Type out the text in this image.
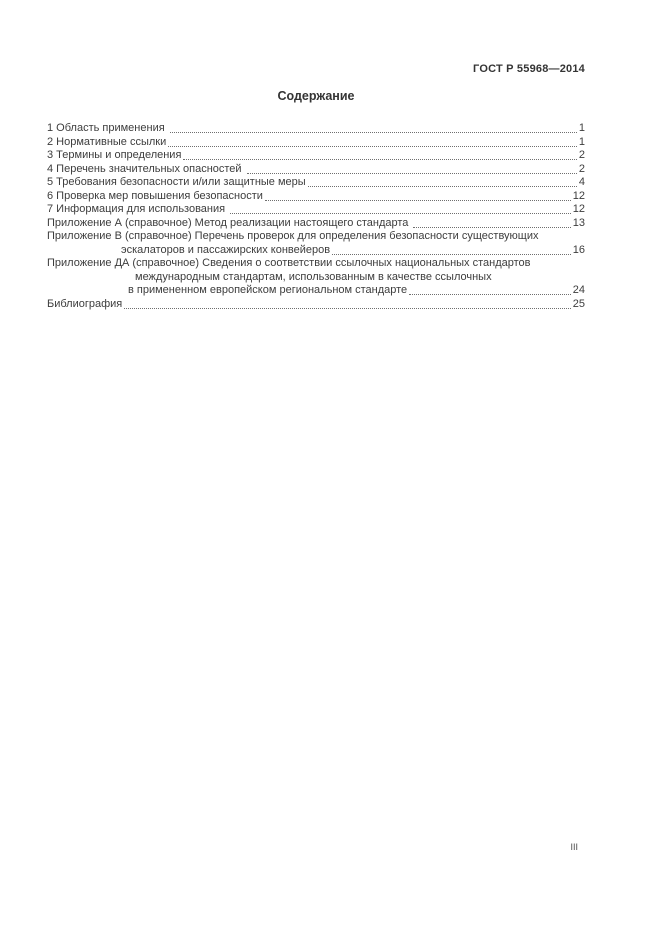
ГОСТ Р 55968—2014
Содержание
1 Область применения	1
2 Нормативные ссылки	1
3 Термины и определения	2
4 Перечень значительных опасностей	2
5 Требования безопасности и/или защитные меры	4
6 Проверка мер повышения безопасности	12
7 Информация для использования	12
Приложение А (справочное) Метод реализации настоящего стандарта	13
Приложение В (справочное) Перечень проверок для определения безопасности существующих
эскалаторов и пассажирских конвейеров	16
Приложение ДА (справочное) Сведения о соответствии ссылочных национальных стандартов
международным стандартам, использованным в качестве ссылочных
в примененном европейском региональном стандарте	24
Библиография	25
III
